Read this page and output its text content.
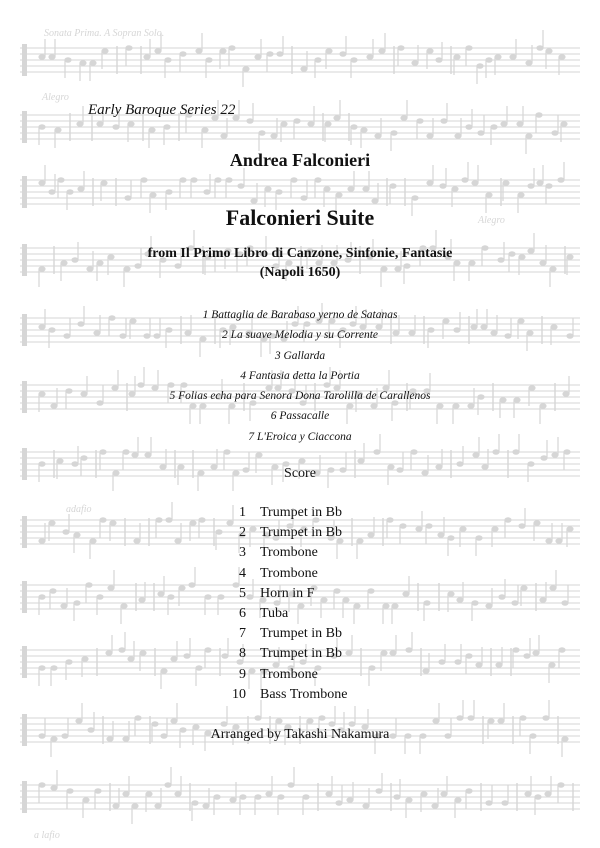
Sonata Prima. A Sopran Solo.
Alegro
Alegro
adafio
a lafio
Early Baroque Series 22
Andrea Falconieri
Falconieri Suite
from Il Primo Libro di Canzone, Sinfonie, Fantasie
(Napoli 1650)
1 Battaglia de Barabaso yerno de Satanas
2 La suave Melodia y su Corrente
3 Gallarda
4 Fantasia detta la Portia
5 Folias echa para Senora Dona Tarolilla de Carallenos
6 Passacalle
7 L'Eroica y Ciaccona
Score
1 Trumpet in Bb
2 Trumpet in Bb
3 Trombone
4 Trombone
5 Horn in F
6 Tuba
7 Trumpet in Bb
8 Trumpet in Bb
9 Trombone
10 Bass Trombone
Arranged by Takashi Nakamura
